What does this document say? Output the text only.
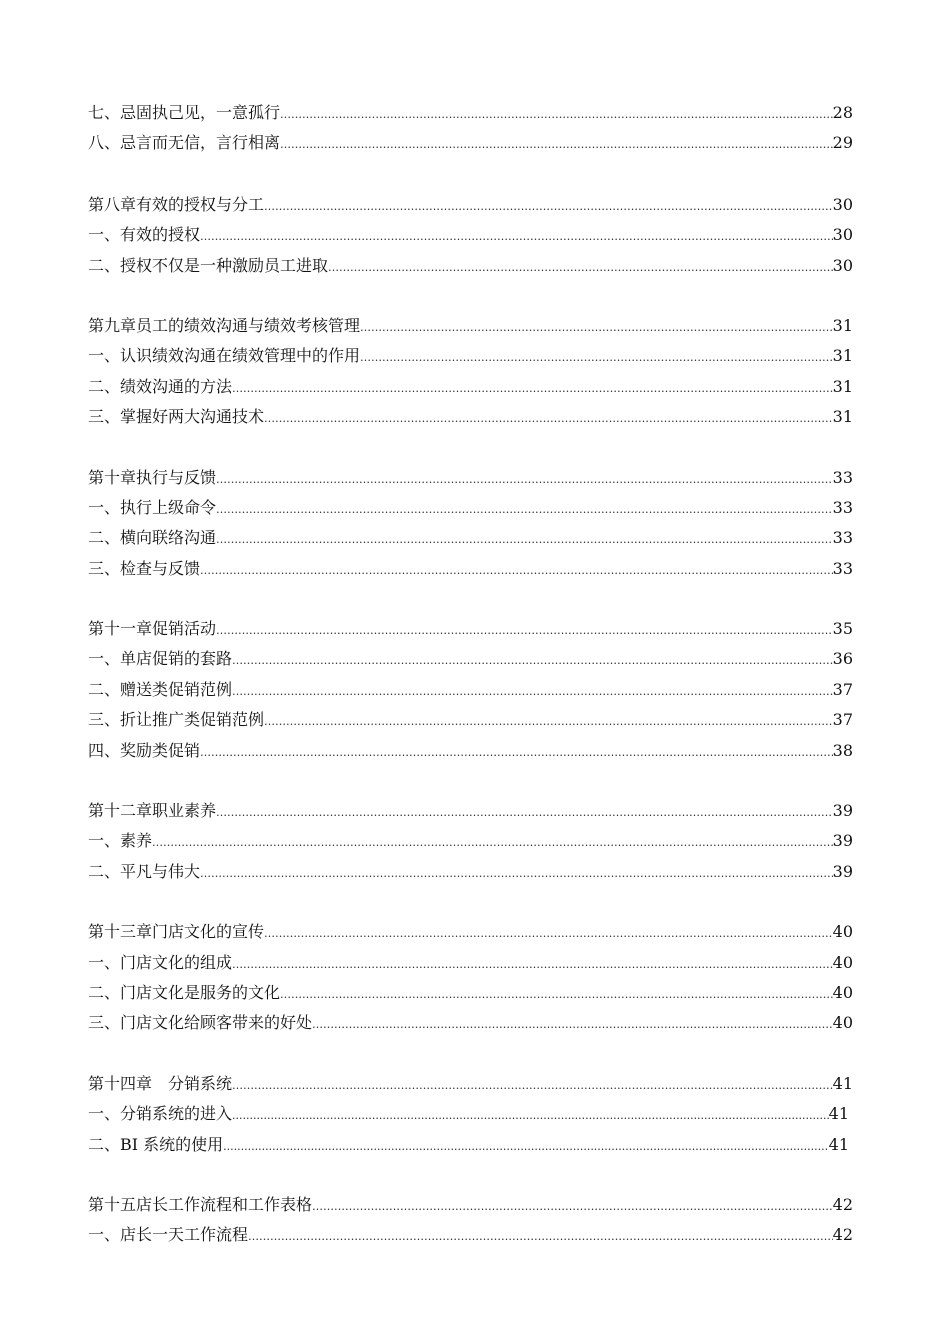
七、忌固执己见，一意孤行 ……………………………………………………………………………………………………………………………………………………………………………………………………………………………………………………………	28
八、忌言而无信，言行相离 ……………………………………………………………………………………………………………………………………………………………………………………………………………………………………………………………	29
第八章有效的授权与分工 ……………………………………………………………………………………………………………………………………………………………………………………………………………………………………………………………	30
一、有效的授权 ……………………………………………………………………………………………………………………………………………………………………………………………………………………………………………………………	30
二、授权不仅是一种激励员工进取 ……………………………………………………………………………………………………………………………………………………………………………………………………………………………………………………………	30
第九章员工的绩效沟通与绩效考核管理 ……………………………………………………………………………………………………………………………………………………………………………………………………………………………………………………………	31
一、认识绩效沟通在绩效管理中的作用 ……………………………………………………………………………………………………………………………………………………………………………………………………………………………………………………………	31
二、绩效沟通的方法 ……………………………………………………………………………………………………………………………………………………………………………………………………………………………………………………………	31
三、掌握好两大沟通技术 ……………………………………………………………………………………………………………………………………………………………………………………………………………………………………………………………	31
第十章执行与反馈 ……………………………………………………………………………………………………………………………………………………………………………………………………………………………………………………………	33
一、执行上级命令 ……………………………………………………………………………………………………………………………………………………………………………………………………………………………………………………………	33
二、横向联络沟通 ……………………………………………………………………………………………………………………………………………………………………………………………………………………………………………………………	33
三、检查与反馈 ……………………………………………………………………………………………………………………………………………………………………………………………………………………………………………………………	33
第十一章促销活动 ……………………………………………………………………………………………………………………………………………………………………………………………………………………………………………………………	35
一、单店促销的套路 ……………………………………………………………………………………………………………………………………………………………………………………………………………………………………………………………	36
二、赠送类促销范例 ……………………………………………………………………………………………………………………………………………………………………………………………………………………………………………………………	37
三、折让推广类促销范例 ……………………………………………………………………………………………………………………………………………………………………………………………………………………………………………………………	37
四、奖励类促销 ……………………………………………………………………………………………………………………………………………………………………………………………………………………………………………………………	38
第十二章职业素养 ……………………………………………………………………………………………………………………………………………………………………………………………………………………………………………………………	39
一、素养 ……………………………………………………………………………………………………………………………………………………………………………………………………………………………………………………………	39
二、平凡与伟大 ……………………………………………………………………………………………………………………………………………………………………………………………………………………………………………………………	39
第十三章门店文化的宣传 ……………………………………………………………………………………………………………………………………………………………………………………………………………………………………………………………	40
一、门店文化的组成 ……………………………………………………………………………………………………………………………………………………………………………………………………………………………………………………………	40
二、门店文化是服务的文化 ……………………………………………………………………………………………………………………………………………………………………………………………………………………………………………………………	40
三、门店文化给顾客带来的好处 ……………………………………………………………………………………………………………………………………………………………………………………………………………………………………………………………	40
第十四章　分销系统 ……………………………………………………………………………………………………………………………………………………………………………………………………………………………………………………………	41
一、分销系统的进入 .....	41
二、BI 系统的使用 .....	41
第十五店长工作流程和工作表格 ……………………………………………………………………………………………………………………………………………………………………………………………………………………………………………………………	42
一、店长一天工作流程 ……………………………………………………………………………………………………………………………………………………………………………………………………………………………………………………………	42
